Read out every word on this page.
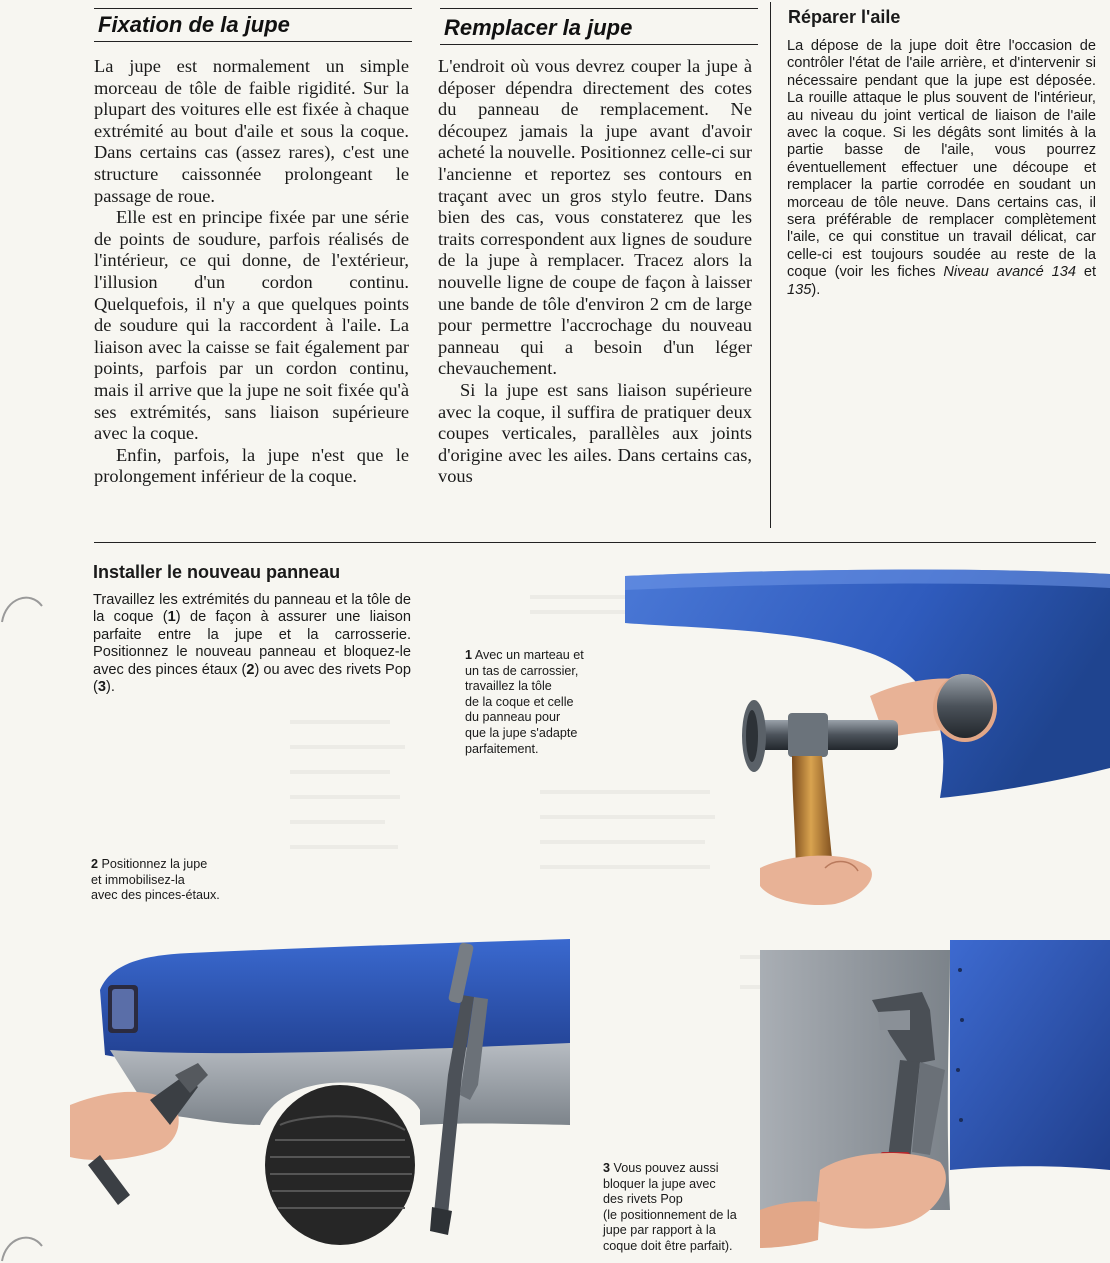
Fixation de la jupe

La jupe est normalement un simple morceau de tôle de faible rigidité. Sur la plupart des voitures elle est fixée à chaque extrémité au bout d'aile et sous la coque. Dans certains cas (assez rares), c'est une structure caissonnée prolongeant le passage de roue.

Elle est en principe fixée par une série de points de soudure, parfois réalisés de l'intérieur, ce qui donne, de l'extérieur, l'illusion d'un cordon continu. Quelquefois, il n'y a que quelques points de soudure qui la raccordent à l'aile. La liaison avec la caisse se fait également par points, parfois par un cordon continu, mais il arrive que la jupe ne soit fixée qu'à ses extrémités, sans liaison supérieure avec la coque.

Enfin, parfois, la jupe n'est que le prolongement inférieur de la coque.

Remplacer la jupe

L'endroit où vous devrez couper la jupe à déposer dépendra directement des cotes du panneau de remplacement. Ne découpez jamais la jupe avant d'avoir acheté la nouvelle. Positionnez celle-ci sur l'ancienne et reportez ses contours en traçant avec un gros stylo feutre. Dans bien des cas, vous constaterez que les traits correspondent aux lignes de soudure de la jupe à remplacer. Tracez alors la nouvelle ligne de coupe de façon à laisser une bande de tôle d'environ 2 cm de large pour permettre l'accrochage du nouveau panneau qui a besoin d'un léger chevauchement.

Si la jupe est sans liaison supérieure avec la coque, il suffira de pratiquer deux coupes verticales, parallèles aux joints d'origine avec les ailes. Dans certains cas, vous

Réparer l'aile

La dépose de la jupe doit être l'occasion de contrôler l'état de l'aile arrière, et d'intervenir si nécessaire pendant que la jupe est déposée. La rouille attaque le plus souvent de l'intérieur, au niveau du joint vertical de liaison de l'aile avec la coque. Si les dégâts sont limités à la partie basse de l'aile, vous pourrez éventuellement effectuer une découpe et remplacer la partie corrodée en soudant un morceau de tôle neuve. Dans certains cas, il sera préférable de remplacer complètement l'aile, ce qui constitue un travail délicat, car celle-ci est toujours soudée au reste de la coque (voir les fiches Niveau avancé 134 et 135).

Installer le nouveau panneau

Travaillez les extrémités du panneau et la tôle de la coque (1) de façon à assurer une liaison parfaite entre la jupe et la carrosserie. Positionnez le nouveau panneau et bloquez-le avec des pinces étaux (2) ou avec des rivets Pop (3).

1 Avec un marteau et
un tas de carrossier,
travaillez la tôle
de la coque et celle
du panneau pour
que la jupe s'adapte
parfaitement.
2 Positionnez la jupe
et immobilisez-la
avec des pinces-étaux.
3 Vous pouvez aussi
bloquer la jupe avec
des rivets Pop
(le positionnement de la
jupe par rapport à la
coque doit être parfait).
